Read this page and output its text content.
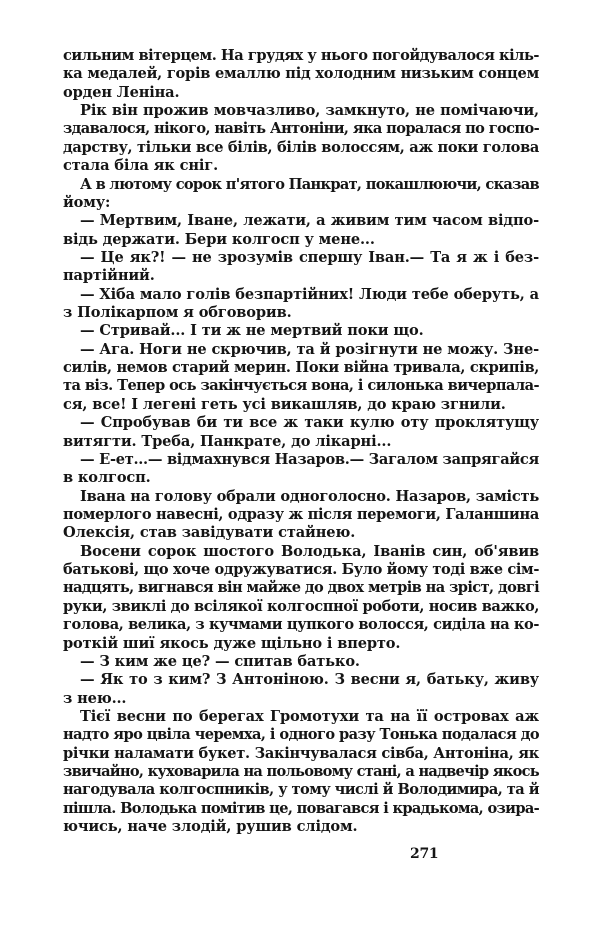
сильним вітерцем. На грудях у нього погойдувалося кіль-
ка медалей, горів емаллю під холодним низьким сонцем
орден Леніна.
Рік він прожив мовчазливо, замкнуто, не помічаючи,
здавалося, нікого, навіть Антоніни, яка поралася по госпо-
дарству, тільки все білів, білів волоссям, аж поки голова
стала біла як сніг.
А в лютому сорок п'ятого Панкрат, покашлюючи, сказав
йому:
— Мертвим, Іване, лежати, а живим тим часом відпо-
відь держати. Бери колгосп у мене...
— Це як?! — не зрозумів спершу Іван.— Та я ж і без-
партійний.
— Хіба мало голів безпартійних! Люди тебе оберуть, а
з Полікарпом я обговорив.
— Стривай... І ти ж не мертвий поки що.
— Ага. Ноги не скрючив, та й розігнути не можу. Зне-
силів, немов старий мерин. Поки війна тривала, скрипів,
та віз. Тепер ось закінчується вона, і силонька вичерпала-
ся, все! І легені геть усі викашляв, до краю згнили.
— Спробував би ти все ж таки кулю оту проклятущу
витягти. Треба, Панкрате, до лікарні...
— Е-ет...— відмахнувся Назаров.— Загалом запрягайся
в колгосп.
Івана на голову обрали одноголосно. Назаров, замість
померлого навесні, одразу ж після перемоги, Галаншина
Олексія, став завідувати стайнею.
Восени сорок шостого Володька, Іванів син, об'явив
батькові, що хоче одружуватися. Було йому тоді вже сім-
надцять, вигнався він майже до двох метрів на зріст, довгі
руки, звиклі до всілякої колгоспної роботи, носив важко,
голова, велика, з кучмами цупкого волосся, сиділа на ко-
роткій шиї якось дуже щільно і вперто.
— З ким же це? — спитав батько.
— Як то з ким? З Антоніною. З весни я, батьку, живу
з нею...
Тієї весни по берегах Громотухи та на її островах аж
надто яро цвіла черемха, і одного разу Тонька подалася до
річки наламати букет. Закінчувалася сівба, Антоніна, як
звичайно, куховарила на польовому стані, а надвечір якось
нагодувала колгоспників, у тому числі й Володимира, та й
пішла. Володька помітив це, повагався і крадькома, озира-
ючись, наче злодій, рушив слідом.
271
